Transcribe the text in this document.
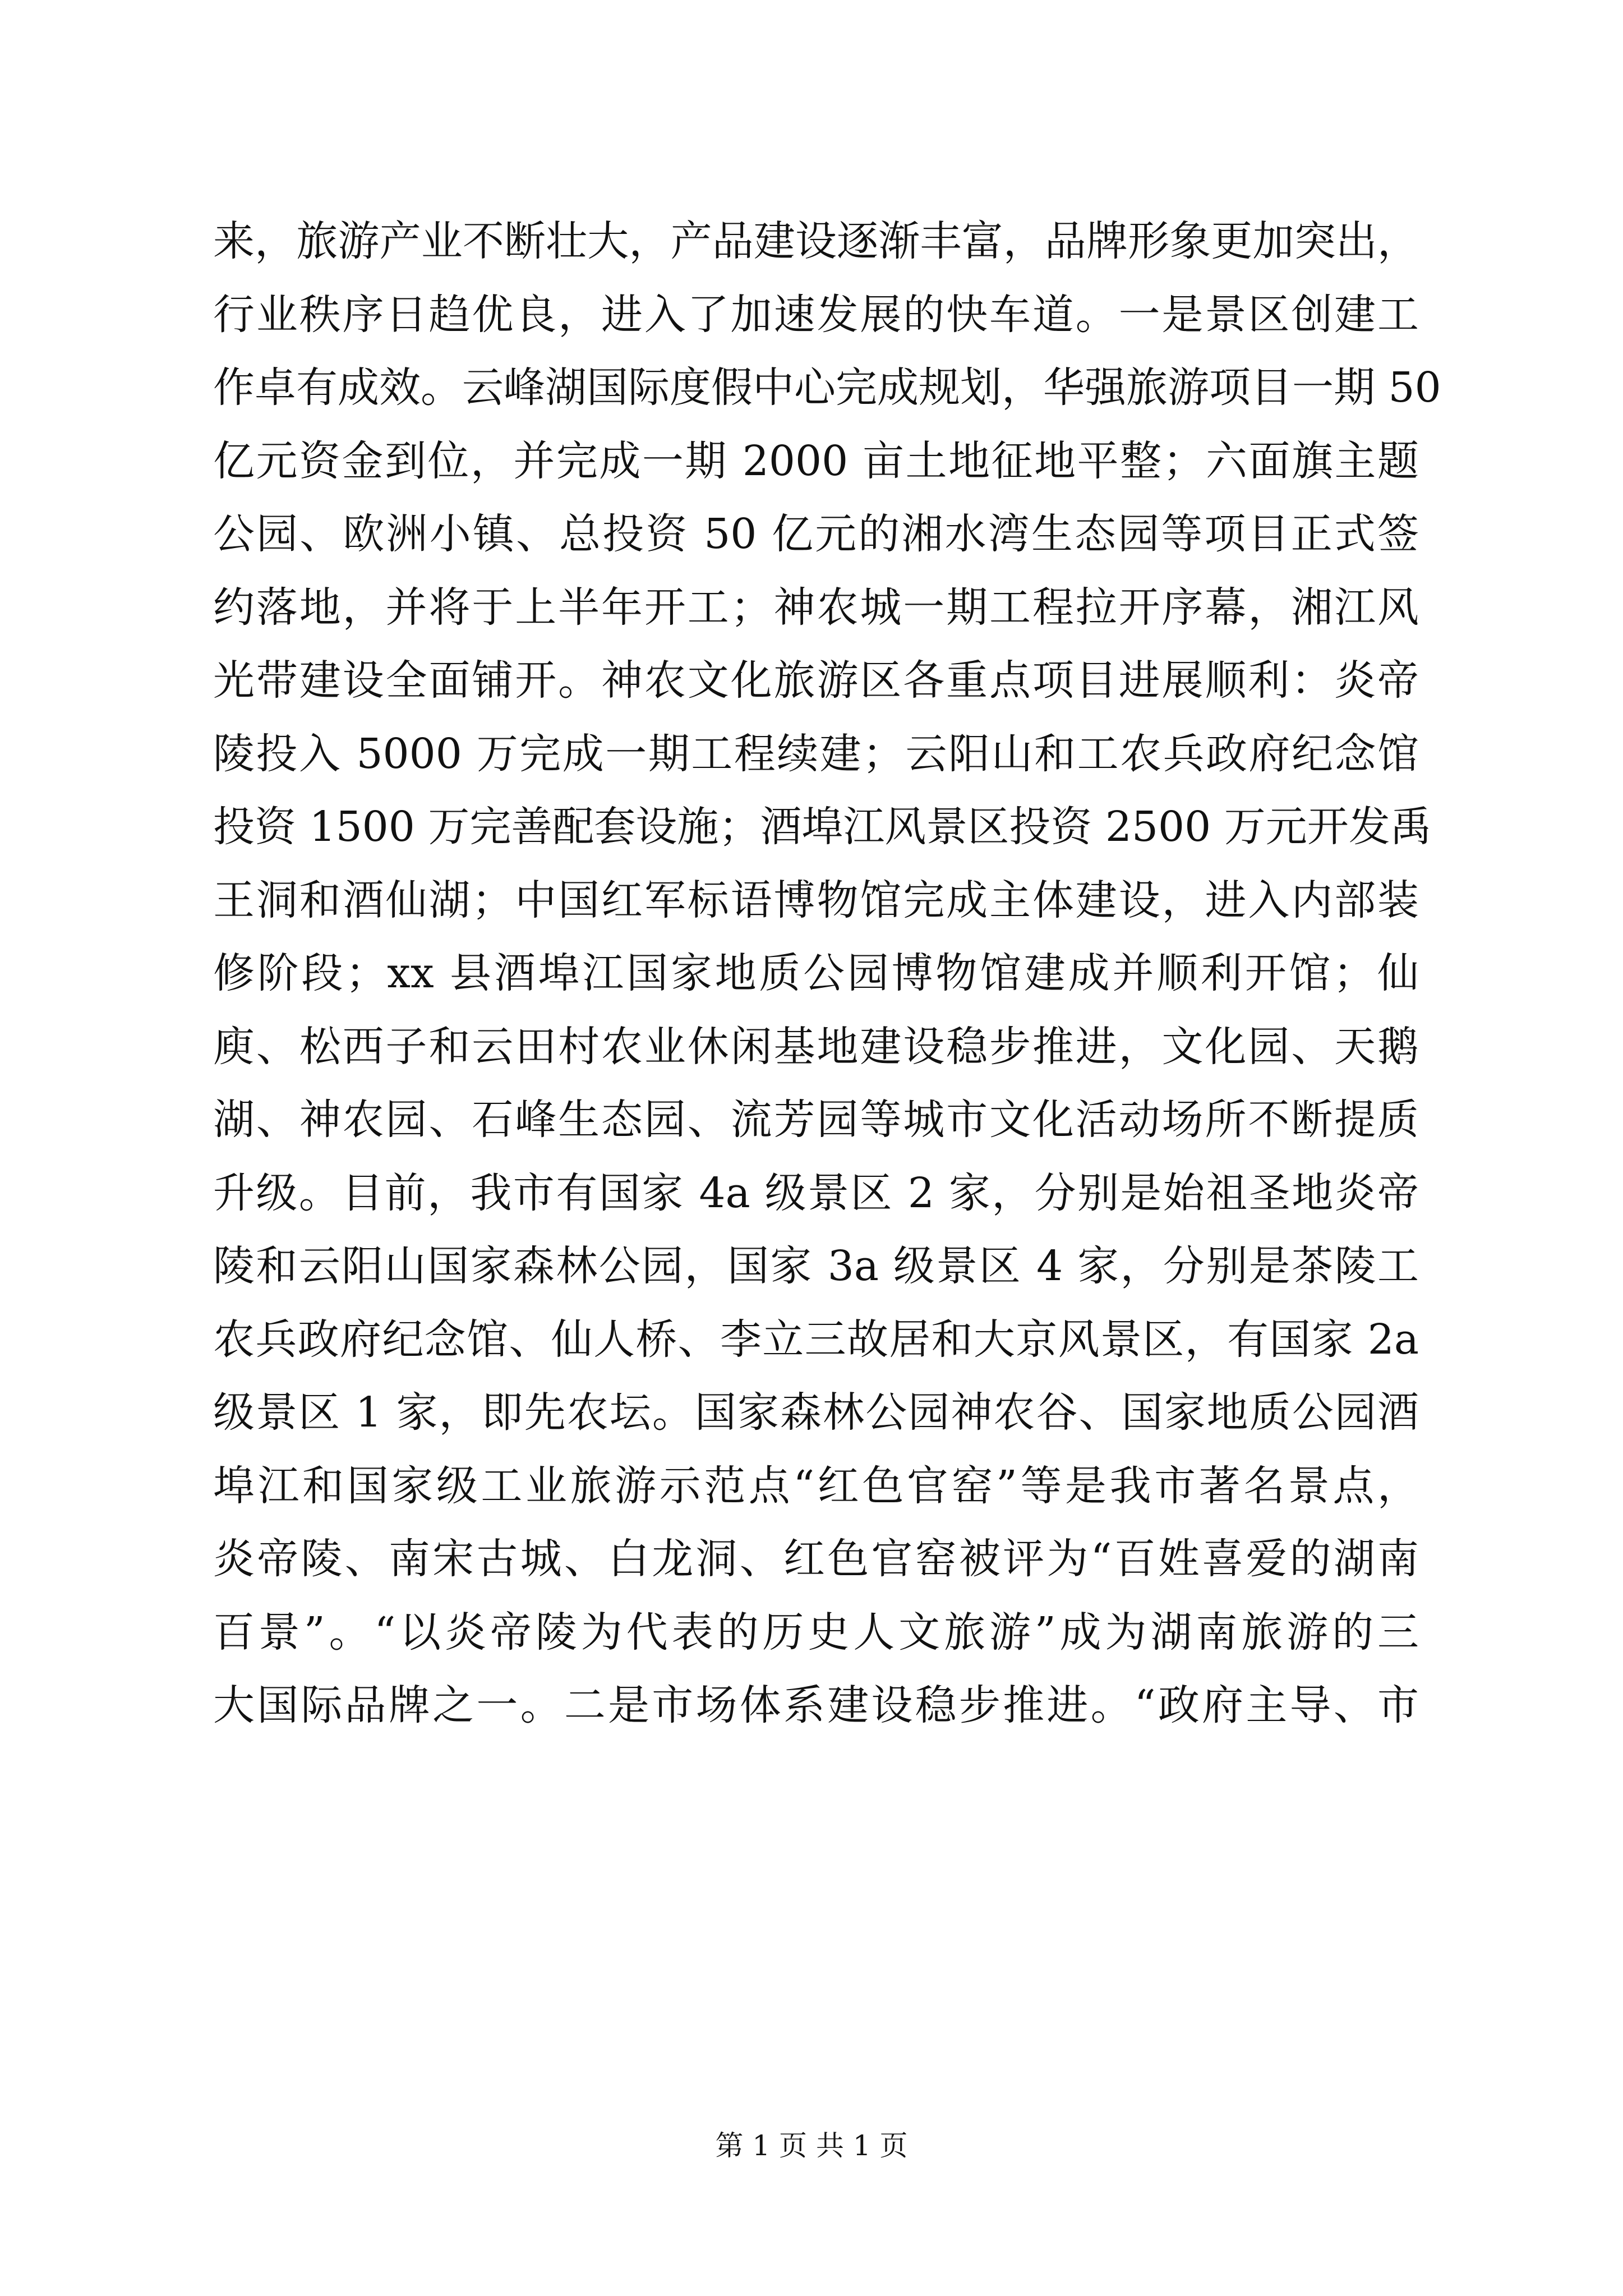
来，旅游产业不断壮大，产品建设逐渐丰富，品牌形象更加突出，
行业秩序日趋优良，进入了加速发展的快车道。一是景区创建工
作卓有成效。云峰湖国际度假中心完成规划，华强旅游项目一期 50
亿元资金到位，并完成一期 2000 亩土地征地平整；六面旗主题
公园、欧洲小镇、总投资 50 亿元的湘水湾生态园等项目正式签
约落地，并将于上半年开工；神农城一期工程拉开序幕，湘江风
光带建设全面铺开。神农文化旅游区各重点项目进展顺利：炎帝
陵投入 5000 万完成一期工程续建；云阳山和工农兵政府纪念馆
投资 1500 万完善配套设施；酒埠江风景区投资 2500 万元开发禹
王洞和酒仙湖；中国红军标语博物馆完成主体建设，进入内部装
修阶段；xx 县酒埠江国家地质公园博物馆建成并顺利开馆；仙
庾、松西子和云田村农业休闲基地建设稳步推进，文化园、天鹅
湖、神农园、石峰生态园、流芳园等城市文化活动场所不断提质
升级。目前，我市有国家 4a 级景区 2 家，分别是始祖圣地炎帝
陵和云阳山国家森林公园，国家 3a 级景区 4 家，分别是茶陵工
农兵政府纪念馆、仙人桥、李立三故居和大京风景区，有国家 2a
级景区 1 家，即先农坛。国家森林公园神农谷、国家地质公园酒
埠江和国家级工业旅游示范点“红色官窑”等是我市著名景点，
炎帝陵、南宋古城、白龙洞、红色官窑被评为“百姓喜爱的湖南
百景”。“以炎帝陵为代表的历史人文旅游”成为湖南旅游的三
大国际品牌之一。二是市场体系建设稳步推进。“政府主导、市
第 1 页 共 1 页
